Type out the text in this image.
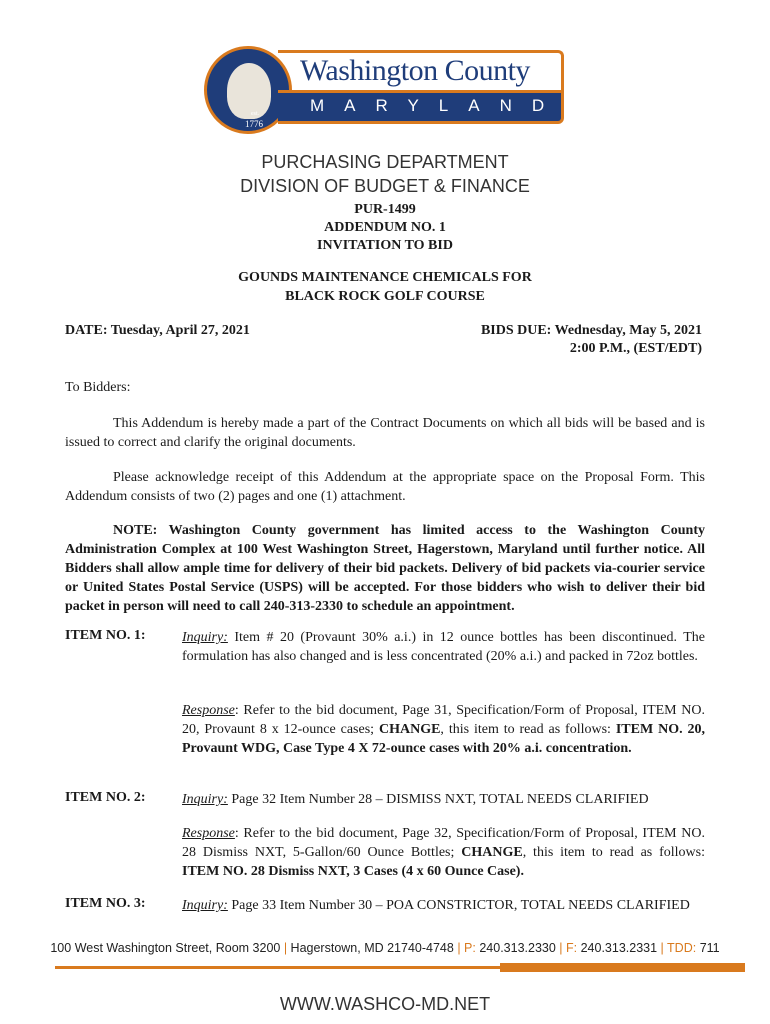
est.
1776
Washington County
MARYLAND
PURCHASING DEPARTMENT
DIVISION OF BUDGET & FINANCE
PUR-1499
ADDENDUM NO. 1
INVITATION TO BID
GOUNDS MAINTENANCE CHEMICALS FOR
BLACK ROCK GOLF COURSE
DATE: Tuesday, April 27, 2021	BIDS DUE: Wednesday, May 5, 2021
2:00 P.M., (EST/EDT)
To Bidders:
This Addendum is hereby made a part of the Contract Documents on which all bids will be based and is issued to correct and clarify the original documents.
Please acknowledge receipt of this Addendum at the appropriate space on the Proposal Form. This Addendum consists of two (2) pages and one (1) attachment.
NOTE: Washington County government has limited access to the Washington County Administration Complex at 100 West Washington Street, Hagerstown, Maryland until further notice. All Bidders shall allow ample time for delivery of their bid packets. Delivery of bid packets via-courier service or United States Postal Service (USPS) will be accepted. For those bidders who wish to deliver their bid packet in person will need to call 240-313-2330 to schedule an appointment.
ITEM NO. 1:	Inquiry: Item # 20 (Provaunt 30% a.i.) in 12 ounce bottles has been discontinued. The formulation has also changed and is less concentrated (20% a.i.) and packed in 72oz bottles.
Response: Refer to the bid document, Page 31, Specification/Form of Proposal, ITEM NO. 20, Provaunt 8 x 12-ounce cases; CHANGE, this item to read as follows: ITEM NO. 20, Provaunt WDG, Case Type 4 X 72-ounce cases with 20% a.i. concentration.
ITEM NO. 2:	Inquiry: Page 32 Item Number 28 – DISMISS NXT, TOTAL NEEDS CLARIFIED
Response: Refer to the bid document, Page 32, Specification/Form of Proposal, ITEM NO. 28 Dismiss NXT, 5-Gallon/60 Ounce Bottles; CHANGE, this item to read as follows: ITEM NO. 28 Dismiss NXT, 3 Cases (4 x 60 Ounce Case).
ITEM NO. 3:	Inquiry: Page 33 Item Number 30 – POA CONSTRICTOR, TOTAL NEEDS CLARIFIED
100 West Washington Street, Room 3200 | Hagerstown, MD 21740-4748 | P: 240.313.2330 | F: 240.313.2331 | TDD: 711
WWW.WASHCO-MD.NET
